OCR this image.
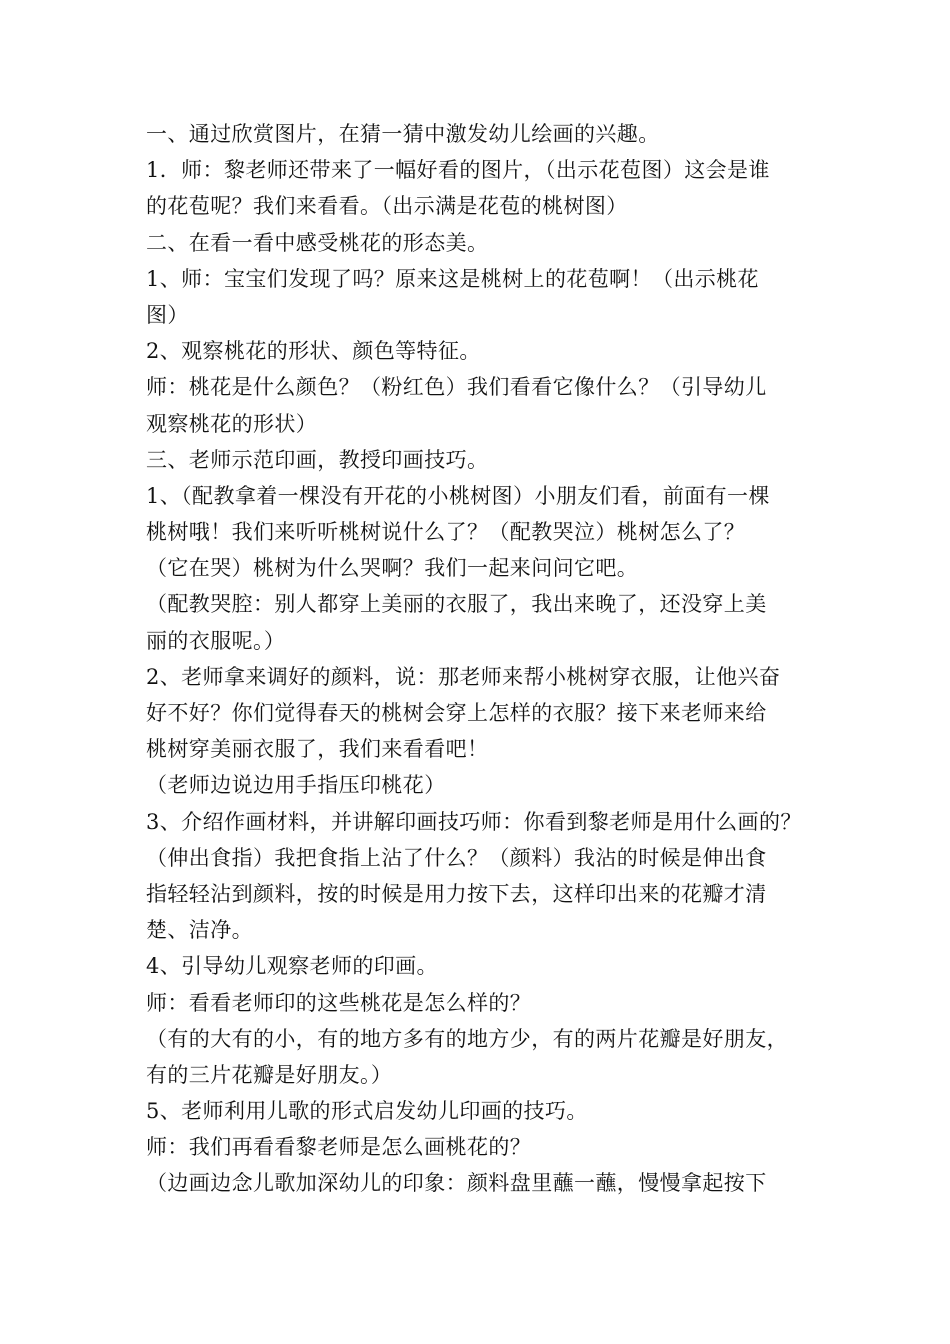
一、通过欣赏图片，在猜一猜中激发幼儿绘画的兴趣。
1．师：黎老师还带来了一幅好看的图片，（出示花苞图）这会是谁
的花苞呢？我们来看看。（出示满是花苞的桃树图）
二、在看一看中感受桃花的形态美。
1、师：宝宝们发现了吗？原来这是桃树上的花苞啊！（出示桃花
图）
2、观察桃花的形状、颜色等特征。
师：桃花是什么颜色？（粉红色）我们看看它像什么？（引导幼儿
观察桃花的形状）
三、老师示范印画，教授印画技巧。
1、（配教拿着一棵没有开花的小桃树图）小朋友们看，前面有一棵
桃树哦！我们来听听桃树说什么了？（配教哭泣）桃树怎么了？
（它在哭）桃树为什么哭啊？我们一起来问问它吧。
（配教哭腔：别人都穿上美丽的衣服了，我出来晚了，还没穿上美
丽的衣服呢。）
2、老师拿来调好的颜料，说：那老师来帮小桃树穿衣服，让他兴奋
好不好？你们觉得春天的桃树会穿上怎样的衣服？接下来老师来给
桃树穿美丽衣服了，我们来看看吧！
（老师边说边用手指压印桃花）
3、介绍作画材料，并讲解印画技巧师：你看到黎老师是用什么画的？
（伸出食指）我把食指上沾了什么？（颜料）我沾的时候是伸出食
指轻轻沾到颜料，按的时候是用力按下去，这样印出来的花瓣才清
楚、洁净。
4、引导幼儿观察老师的印画。
师：看看老师印的这些桃花是怎么样的？
（有的大有的小，有的地方多有的地方少，有的两片花瓣是好朋友，
有的三片花瓣是好朋友。）
5、老师利用儿歌的形式启发幼儿印画的技巧。
师：我们再看看黎老师是怎么画桃花的？
（边画边念儿歌加深幼儿的印象：颜料盘里蘸一蘸，慢慢拿起按下
